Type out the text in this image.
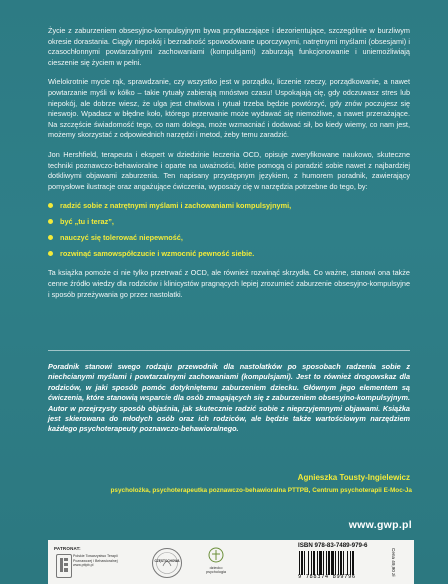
Życie z zaburzeniem obsesyjno-kompulsyjnym bywa przytłaczające i dezorientujące, szczególnie w burzliwym okresie dorastania. Ciągły niepokój i bezradność spowodowane uporczywymi, natrętnymi myślami (obsesjami) i czasochłonnymi powtarzalnymi zachowaniami (kompulsjami) zaburzają funkcjonowanie i uniemożliwiają cieszenie się życiem w pełni.

Wielokrotnie mycie rąk, sprawdzanie, czy wszystko jest w porządku, liczenie rzeczy, porządkowanie, a nawet powtarzanie myśli w kółko – takie rytuały zabierają mnóstwo czasu! Uspokajają cię, gdy odczuwasz stres lub niepokój, ale dobrze wiesz, że ulga jest chwilowa i rytuał trzeba będzie powtórzyć, gdy znów poczujesz się nieswojo. Wpadasz w błędne koło, którego przerwanie może wydawać się niemożliwe, a nawet przerażające. Na szczęście świadomość tego, co nam dolega, może wzmacniać i dodawać sił, bo kiedy wiemy, co nam jest, możemy skorzystać z odpowiednich narzędzi i metod, żeby temu zaradzić.

Jon Hershfield, terapeuta i ekspert w dziedzinie leczenia OCD, opisuje zweryfikowane naukowo, skuteczne techniki poznawczo-behawioralne i oparte na uważności, które pomogą ci poradzić sobie nawet z najbardziej dotkliwymi objawami zaburzenia. Ten napisany przystępnym językiem, z humorem poradnik, zawierający pomysłowe ilustracje oraz angażujące ćwiczenia, wyposaży cię w narzędzia potrzebne do tego, by:

radzić sobie z natrętnymi myślami i zachowaniami kompulsyjnymi,
być „tu i teraz”,
nauczyć się tolerować niepewność,
rozwinąć samowspółczucie i wzmocnić pewność siebie.

Ta książka pomoże ci nie tylko przetrwać z OCD, ale również rozwinąć skrzydła. Co ważne, stanowi ona także cenne źródło wiedzy dla rodziców i klinicystów pragnących lepiej zrozumieć zaburzenie obsesyjno-kompulsyjne i sposób przeżywania go przez nastolatki.

Poradnik stanowi swego rodzaju przewodnik dla nastolatków po sposobach radzenia sobie z niechcianymi myślami i powtarzalnymi zachowaniami (kompulsjami). Jest to również drogowskaz dla rodziców, w jaki sposób pomóc dotykniętemu zaburzeniem dziecku. Głównym jego elementem są ćwiczenia, które stanowią wsparcie dla osób zmagających się z zaburzeniem obsesyjno-kompulsyjnym. Autor w przejrzysty sposób objaśnia, jak skutecznie radzić sobie z nieprzyjemnymi objawami. Książka jest skierowana do młodych osób oraz ich rodziców, ale będzie także wartościowym narzędziem każdego psychoterapeuty poznawczo-behawioralnego.

Agnieszka Tousty-Ingielewicz
psycholożka, psychoterapeutka poznawczo-behawioralna PTTPB, Centrum psychoterapii E-Moc-Ja
www.gwp.pl
PATRONAT:
Polskie Towarzystwo Terapii Poznawczej i Behawioralnej www.pttpb.pl
CZĘSTOCHOWA
dziecko psychologia
ISBN 978-83-7489-979-6
9 788374 899796
Cena 49,90 zł
